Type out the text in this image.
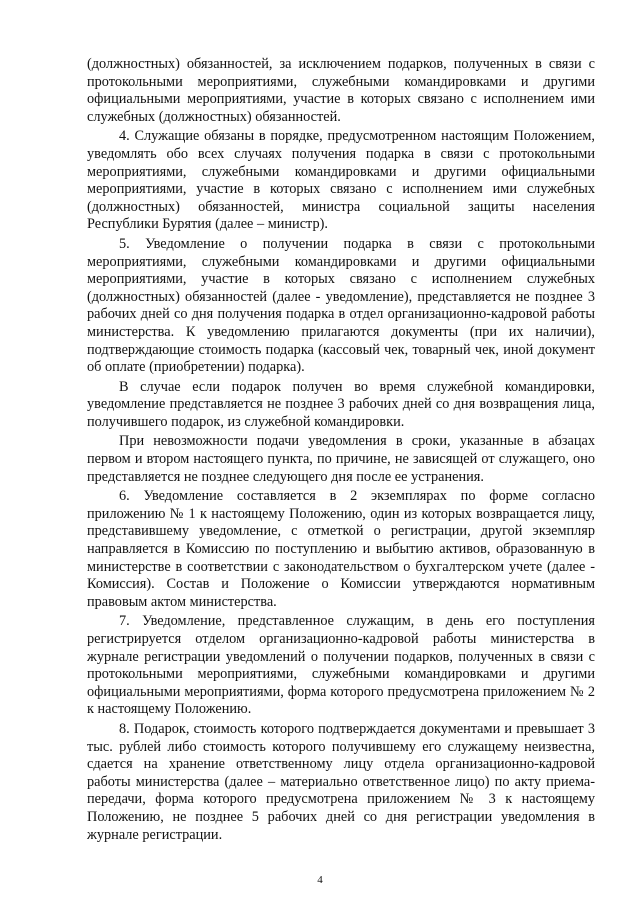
(должностных) обязанностей, за исключением подарков, полученных в связи с протокольными мероприятиями, служебными командировками и другими официальными мероприятиями, участие в которых связано с исполнением ими служебных (должностных) обязанностей.

4. Служащие обязаны в порядке, предусмотренном настоящим Положением, уведомлять обо всех случаях получения подарка в связи с протокольными мероприятиями, служебными командировками и другими официальными мероприятиями, участие в которых связано с исполнением ими служебных (должностных) обязанностей, министра социальной защиты населения Республики Бурятия (далее – министр).

5. Уведомление о получении подарка в связи с протокольными мероприятиями, служебными командировками и другими официальными мероприятиями, участие в которых связано с исполнением служебных (должностных) обязанностей (далее - уведомление), представляется не позднее 3 рабочих дней со дня получения подарка в отдел организационно-кадровой работы министерства. К уведомлению прилагаются документы (при их наличии), подтверждающие стоимость подарка (кассовый чек, товарный чек, иной документ об оплате (приобретении) подарка).

В случае если подарок получен во время служебной командировки, уведомление представляется не позднее 3 рабочих дней со дня возвращения лица, получившего подарок, из служебной командировки.

При невозможности подачи уведомления в сроки, указанные в абзацах первом и втором настоящего пункта, по причине, не зависящей от служащего, оно представляется не позднее следующего дня после ее устранения.

6. Уведомление составляется в 2 экземплярах по форме согласно приложению № 1 к настоящему Положению, один из которых возвращается лицу, представившему уведомление, с отметкой о регистрации, другой экземпляр направляется в Комиссию по поступлению и выбытию активов, образованную в министерстве в соответствии с законодательством о бухгалтерском учете (далее - Комиссия). Состав и Положение о Комиссии утверждаются нормативным правовым актом министерства.

7. Уведомление, представленное служащим, в день его поступления регистрируется отделом организационно-кадровой работы министерства в журнале регистрации уведомлений о получении подарков, полученных в связи с протокольными мероприятиями, служебными командировками и другими официальными мероприятиями, форма которого предусмотрена приложением № 2 к настоящему Положению.

8. Подарок, стоимость которого подтверждается документами и превышает 3 тыс. рублей либо стоимость которого получившему его служащему неизвестна, сдается на хранение ответственному лицу отдела организационно-кадровой работы министерства (далее – материально ответственное лицо) по акту приема-передачи, форма которого предусмотрена приложением № 3 к настоящему Положению, не позднее 5 рабочих дней со дня регистрации уведомления в журнале регистрации.

4
